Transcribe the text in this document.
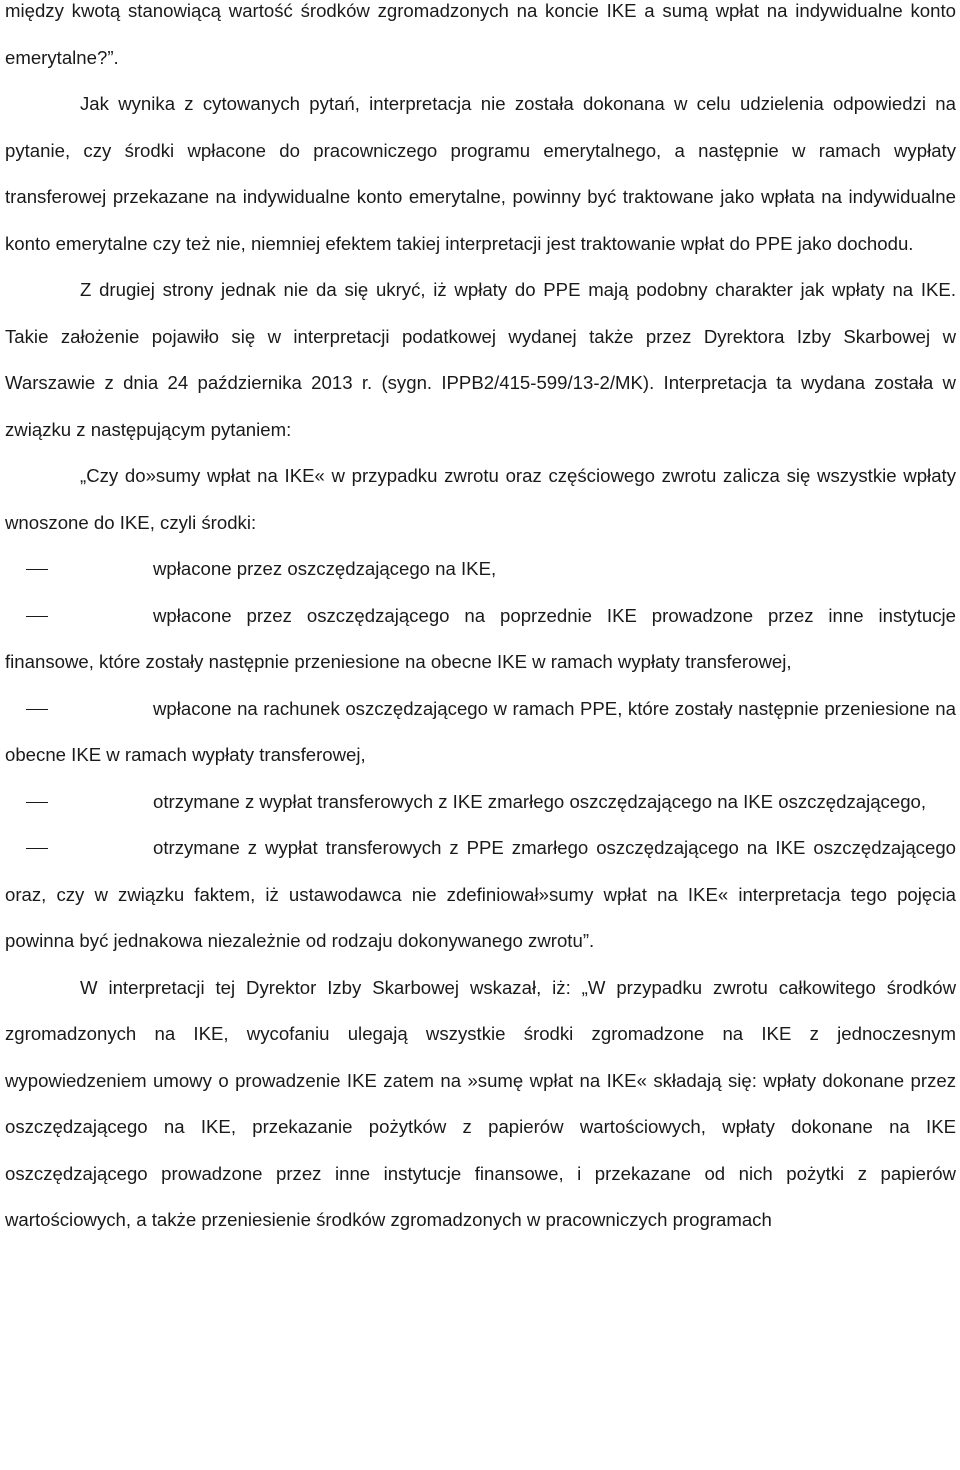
między kwotą stanowiącą wartość środków zgromadzonych na koncie IKE a sumą wpłat na indywidualne konto emerytalne?”.

Jak wynika z cytowanych pytań, interpretacja nie została dokonana w celu udzielenia odpowiedzi na pytanie, czy środki wpłacone do pracowniczego programu emerytalnego, a następnie w ramach wypłaty transferowej przekazane na indywidualne konto emerytalne, powinny być traktowane jako wpłata na indywidualne konto emerytalne czy też nie, niemniej efektem takiej interpretacji jest traktowanie wpłat do PPE jako dochodu.

Z drugiej strony jednak nie da się ukryć, iż wpłaty do PPE mają podobny charakter jak wpłaty na IKE. Takie założenie pojawiło się w interpretacji podatkowej wydanej także przez Dyrektora Izby Skarbowej w Warszawie z dnia 24 października 2013 r. (sygn. IPPB2/415-599/13-2/MK). Interpretacja ta wydana została w związku z następującym pytaniem:

„Czy do»sumy wpłat na IKE« w przypadku zwrotu oraz częściowego zwrotu zalicza się wszystkie wpłaty wnoszone do IKE, czyli środki:

wpłacone przez oszczędzającego na IKE,

wpłacone przez oszczędzającego na poprzednie IKE prowadzone przez inne instytucje finansowe, które zostały następnie przeniesione na obecne IKE w ramach wypłaty transferowej,

wpłacone na rachunek oszczędzającego w ramach PPE, które zostały następnie przeniesione na obecne IKE w ramach wypłaty transferowej,

otrzymane z wypłat transferowych z IKE zmarłego oszczędzającego na IKE oszczędzającego,

otrzymane z wypłat transferowych z PPE zmarłego oszczędzającego na IKE oszczędzającego oraz, czy w związku faktem, iż ustawodawca nie zdefiniował»sumy wpłat na IKE« interpretacja tego pojęcia powinna być jednakowa niezależnie od rodzaju dokonywanego zwrotu”.

W interpretacji tej Dyrektor Izby Skarbowej wskazał, iż: „W przypadku zwrotu całkowitego środków zgromadzonych na IKE, wycofaniu ulegają wszystkie środki zgromadzone na IKE z jednoczesnym wypowiedzeniem umowy o prowadzenie IKE zatem na »sumę wpłat na IKE« składają się: wpłaty dokonane przez oszczędzającego na IKE, przekazanie pożytków z papierów wartościowych, wpłaty dokonane na IKE oszczędzającego prowadzone przez inne instytucje finansowe, i przekazane od nich pożytki z papierów wartościowych, a także przeniesienie środków zgromadzonych w pracowniczych programach
